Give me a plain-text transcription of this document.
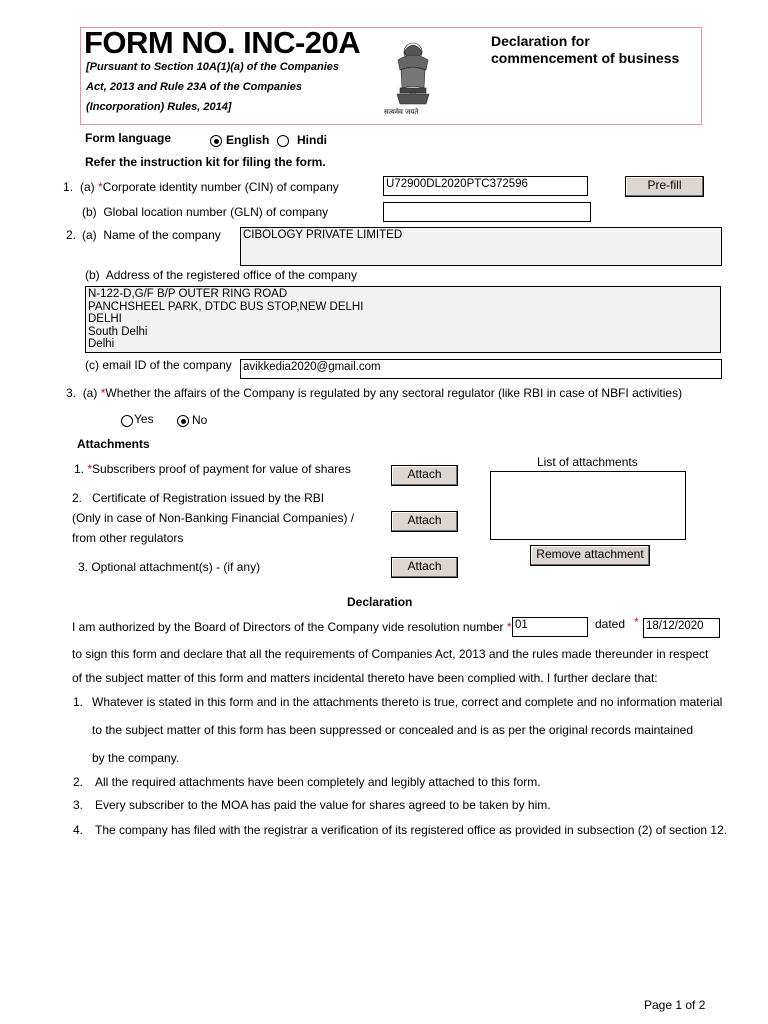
FORM NO. INC-20A
[Pursuant to Section 10A(1)(a) of the Companies
Act, 2013 and Rule 23A of the Companies
(Incorporation) Rules, 2014]	सत्यमेव जयते
Declaration for
commencement of business
Form language	English Hindi
Refer the instruction kit for filing the form.
1. (a) *Corporate identity number (CIN) of company	U72900DL2020PTC372596	Pre-fill
(b) Global location number (GLN) of company
2. (a) Name of the company CIBOLOGY PRIVATE LIMITED
(b) Address of the registered office of the company
N-122-D,G/F B/P OUTER RING ROAD
PANCHSHEEL PARK, DTDC BUS STOP,NEW DELHI
DELHI
South Delhi
Delhi
(c) email ID of the company avikkedia2020@gmail.com
3. (a) *Whether the affairs of the Company is regulated by any sectoral regulator (like RBI in case of NBFI activities)
Yes	No
Attachments
1. *Subscribers proof of payment for value of shares	Attach
2. Certificate of Registration issued by the RBI
(Only in case of Non-Banking Financial Companies) /
from other regulators
Attach
3. Optional attachment(s) - (if any)	Attach
List of attachments
Remove attachment
Declaration
I am authorized by the Board of Directors of the Company vide resolution number * 01	dated * 18/12/2020
to sign this form and declare that all the requirements of Companies Act, 2013 and the rules made thereunder in respect
of the subject matter of this form and matters incidental thereto have been complied with. I further declare that:
1. Whatever is stated in this form and in the attachments thereto is true, correct and complete and no information material
to the subject matter of this form has been suppressed or concealed and is as per the original records maintained
by the company.
2. All the required attachments have been completely and legibly attached to this form.
3. Every subscriber to the MOA has paid the value for shares agreed to be taken by him.
4. The company has filed with the registrar a verification of its registered office as provided in subsection (2) of section 12.
Page 1 of 2
